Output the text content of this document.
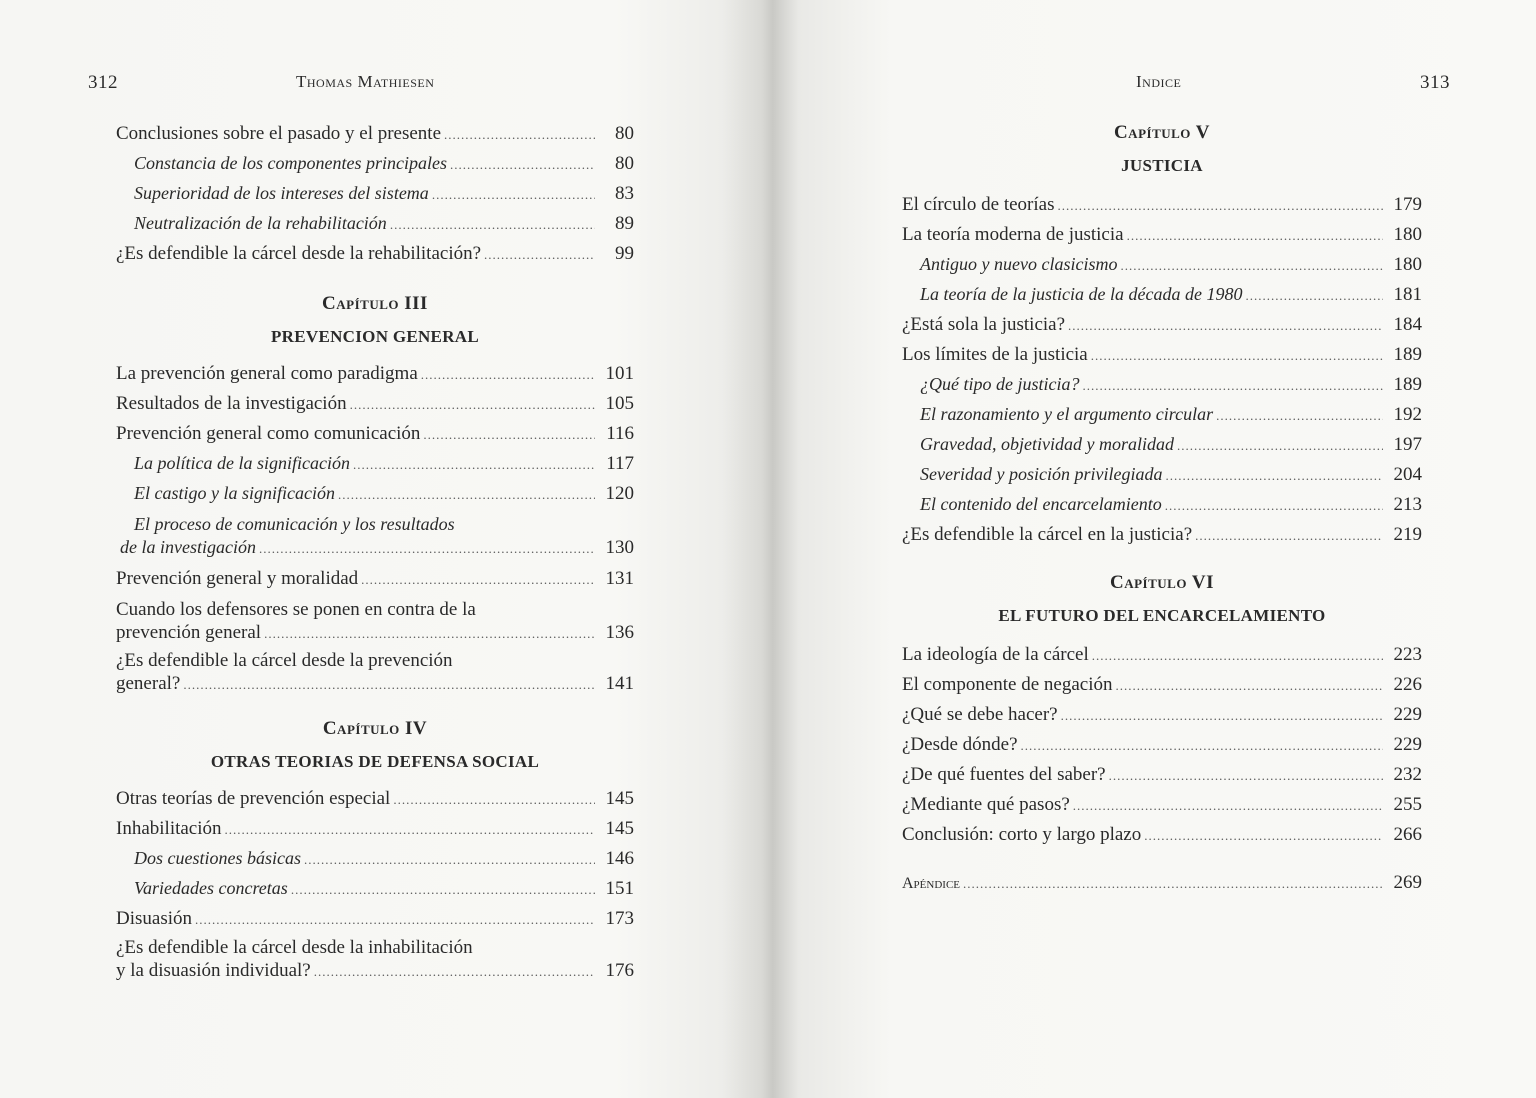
312	Thomas Mathiesen
Conclusiones sobre el pasado y el presente .....	80
Constancia de los componentes principales .....	80
Superioridad de los intereses del sistema .....	83
Neutralización de la rehabilitación .....	89
¿Es defendible la cárcel desde la rehabilitación? .....	99
Capítulo III
PREVENCION GENERAL
La prevención general como paradigma .....	101
Resultados de la investigación .....	105
Prevención general como comunicación .....	116
La política de la significación .....	117
El castigo y la significación .....	120
El proceso de comunicación y los resultados
de la investigación .....	130
Prevención general y moralidad .....	131
Cuando los defensores se ponen en contra de la
prevención general .....	136
¿Es defendible la cárcel desde la prevención
general? .....	141
Capítulo IV
OTRAS TEORIAS DE DEFENSA SOCIAL
Otras teorías de prevención especial .....	145
Inhabilitación .....	145
Dos cuestiones básicas .....	146
Variedades concretas .....	151
Disuasión .....	173
¿Es defendible la cárcel desde la inhabilitación
y la disuasión individual? .....	176
Indice	313
Capítulo V
JUSTICIA
El círculo de teorías .....	179
La teoría moderna de justicia .....	180
Antiguo y nuevo clasicismo .....	180
La teoría de la justicia de la década de 1980 .....	181
¿Está sola la justicia? .....	184
Los límites de la justicia .....	189
¿Qué tipo de justicia? .....	189
El razonamiento y el argumento circular .....	192
Gravedad, objetividad y moralidad .....	197
Severidad y posición privilegiada .....	204
El contenido del encarcelamiento .....	213
¿Es defendible la cárcel en la justicia? .....	219
Capítulo VI
EL FUTURO DEL ENCARCELAMIENTO
La ideología de la cárcel .....	223
El componente de negación .....	226
¿Qué se debe hacer? .....	229
¿Desde dónde? .....	229
¿De qué fuentes del saber? .....	232
¿Mediante qué pasos? .....	255
Conclusión: corto y largo plazo .....	266
Apéndice .....	269
